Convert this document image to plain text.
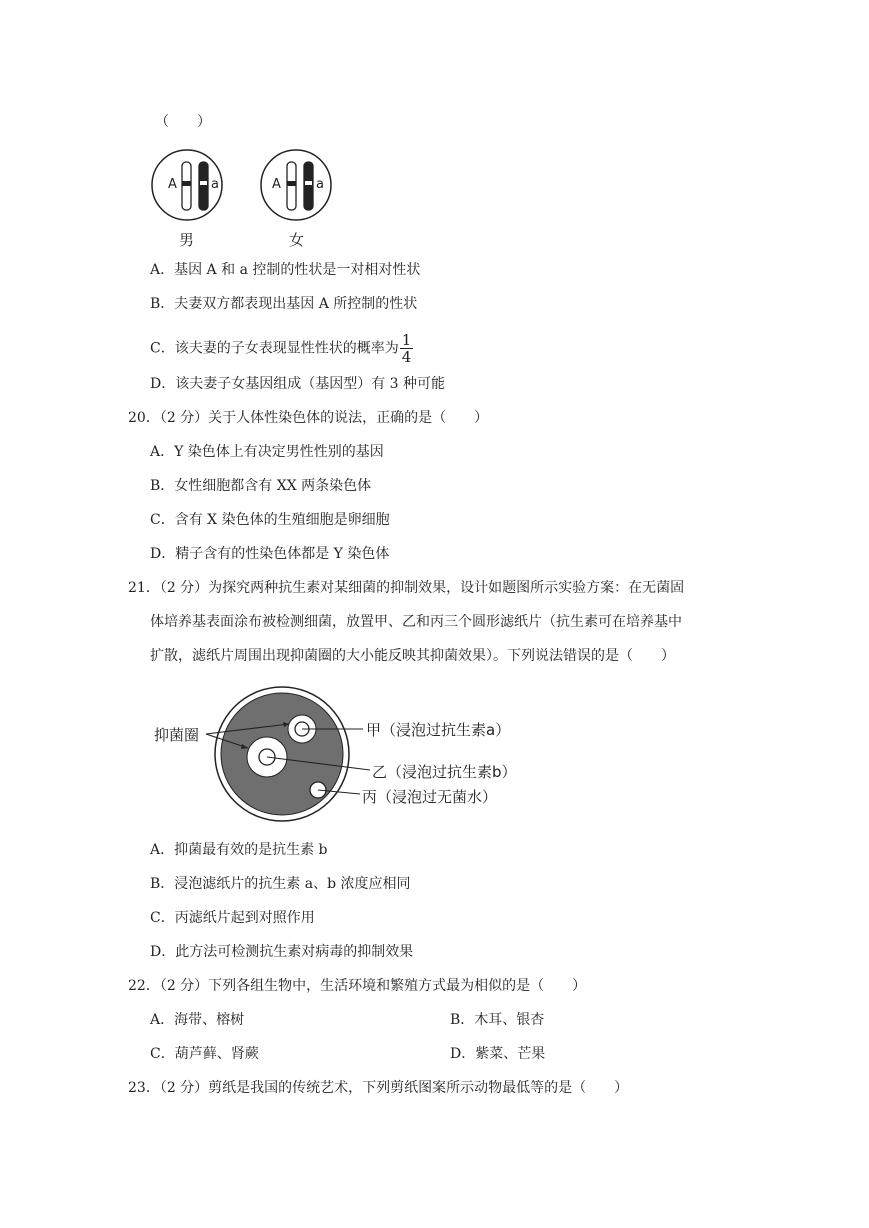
（　　）
A	a
男
A	a
女
A．基因 A 和 a 控制的性状是一对相对性状
B．夫妻双方都表现出基因 A 所控制的性状
C．该夫妻的子女表现显性性状的概率为 $\frac{1}{4}$
D．该夫妻子女基因组成（基因型）有 3 种可能
20．（2 分）关于人体性染色体的说法，正确的是（　　）
A．Y 染色体上有决定男性性别的基因
B．女性细胞都含有 XX 两条染色体
C．含有 X 染色体的生殖细胞是卵细胞
D．精子含有的性染色体都是 Y 染色体
21．（2 分）为探究两种抗生素对某细菌的抑制效果，设计如题图所示实验方案：在无菌固
体培养基表面涂布被检测细菌，放置甲、乙和丙三个圆形滤纸片（抗生素可在培养基中
扩散，滤纸片周围出现抑菌圈的大小能反映其抑菌效果）。下列说法错误的是（　　）
抑菌圈	甲（浸泡过抗生素a）
乙（浸泡过抗生素b）
丙（浸泡过无菌水）
A．抑菌最有效的是抗生素 b
B．浸泡滤纸片的抗生素 a、b 浓度应相同
C．丙滤纸片起到对照作用
D．此方法可检测抗生素对病毒的抑制效果
22．（2 分）下列各组生物中，生活环境和繁殖方式最为相似的是（　　）
A．海带、榕树	B．木耳、银杏
C．葫芦藓、肾蕨	D．紫菜、芒果
23．（2 分）剪纸是我国的传统艺术，下列剪纸图案所示动物最低等的是（　　）
